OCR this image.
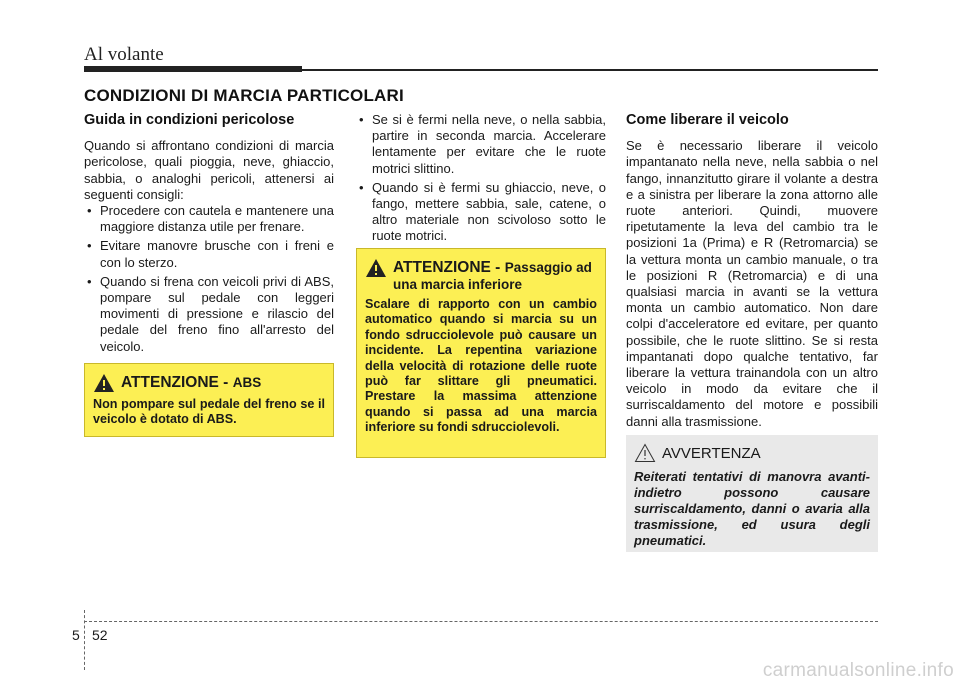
Al volante
CONDIZIONI DI MARCIA PARTICOLARI
Guida in condizioni pericolose

Quando si affrontano condizioni di marcia pericolose, quali pioggia, neve, ghiaccio, sabbia, o analoghi pericoli, attenersi ai seguenti consigli:

• Procedere con cautela e mantenere una maggiore distanza utile per frenare.
• Evitare manovre brusche con i freni e con lo sterzo.
• Quando si frena con veicoli privi di ABS, pompare sul pedale con leggeri movimenti di pressione e rilascio del pedale del freno fino all'arresto del veicolo.
ATTENZIONE - ABS
Non pompare sul pedale del freno se il veicolo è dotato di ABS.
• Se si è fermi nella neve, o nella sabbia, partire in seconda marcia. Accelerare lentamente per evitare che le ruote motrici slittino.
• Quando si è fermi su ghiaccio, neve, o fango, mettere sabbia, sale, catene, o altro materiale non scivoloso sotto le ruote motrici.
ATTENZIONE - Passaggio ad una marcia inferiore
Scalare di rapporto con un cambio automatico quando si marcia su un fondo sdrucciolevole può causare un incidente. La repentina variazione della velocità di rotazione delle ruote può far slittare gli pneumatici. Prestare la massima attenzione quando si passa ad una marcia inferiore su fondi sdrucciolevoli.
Come liberare il veicolo

Se è necessario liberare il veicolo impantanato nella neve, nella sabbia o nel fango, innanzitutto girare il volante a destra e a sinistra per liberare la zona attorno alle ruote anteriori. Quindi, muovere ripetutamente la leva del cambio tra le posizioni 1a (Prima) e R (Retromarcia) se la vettura monta un cambio manuale, o tra le posizioni R (Retromarcia) e di una qualsiasi marcia in avanti se la vettura monta un cambio automatico. Non dare colpi d'acceleratore ed evitare, per quanto possibile, che le ruote slittino. Se si resta impantanati dopo qualche tentativo, far liberare la vettura trainandola con un altro veicolo in modo da evitare che il surriscaldamento del motore e possibili danni alla trasmissione.

AVVERTENZA
Reiterati tentativi di manovra avanti-indietro possono causare surriscaldamento, danni o avaria alla trasmissione, ed usura degli pneumatici.
5 52
carmanualsonline.info
